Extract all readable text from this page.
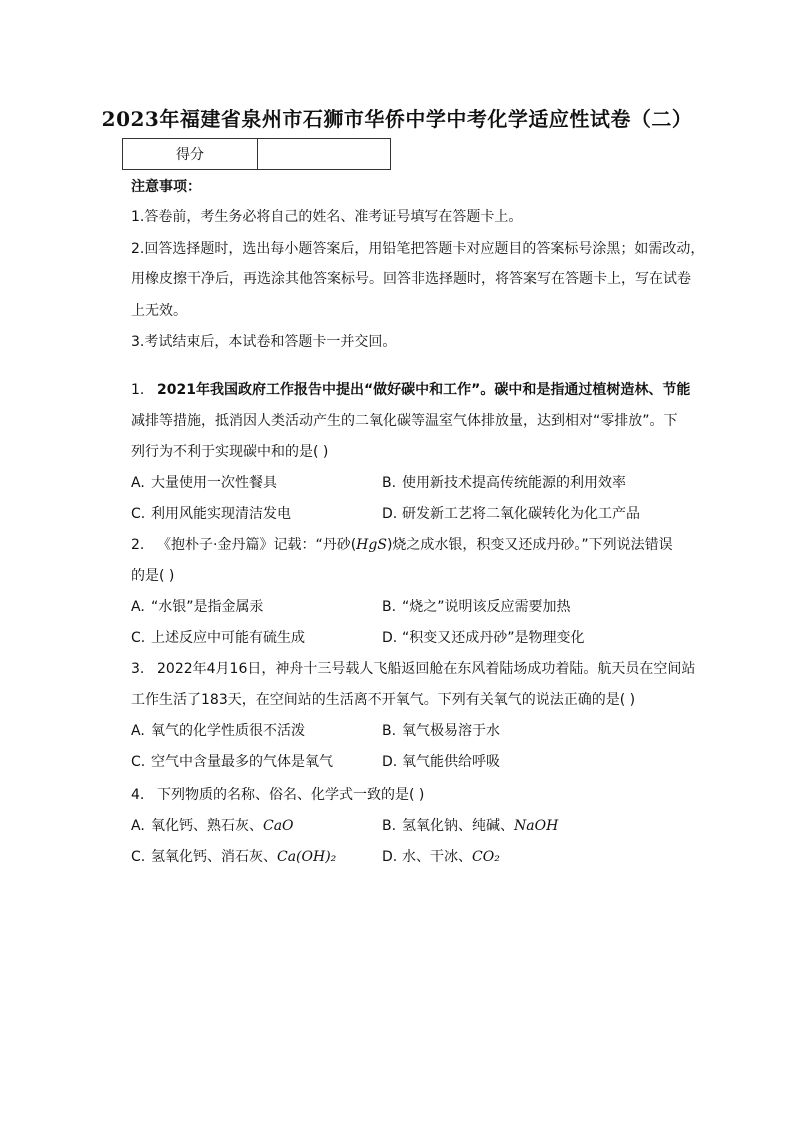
2023年福建省泉州市石狮市华侨中学中考化学适应性试卷（二）
得分	
注意事项：
1.答卷前，考生务必将自己的姓名、准考证号填写在答题卡上。
2.回答选择题时，选出每小题答案后，用铅笔把答题卡对应题目的答案标号涂黑；如需改动，
用橡皮擦干净后，再选涂其他答案标号。回答非选择题时，将答案写在答题卡上，写在试卷
上无效。
3.考试结束后，本试卷和答题卡一并交回。
1. 2021年我国政府工作报告中提出“做好碳中和工作”。碳中和是指通过植树造林、节能
减排等措施，抵消因人类活动产生的二氧化碳等温室气体排放量，达到相对“零排放”。下
列行为不利于实现碳中和的是( )
A. 大量使用一次性餐具	B. 使用新技术提高传统能源的利用效率
C. 利用风能实现清洁发电	D. 研发新工艺将二氧化碳转化为化工产品
2. 《抱朴子·金丹篇》记载：“丹砂(HgS)烧之成水银，积变又还成丹砂。”下列说法错误
的是( )
A. “水银”是指金属汞	B. “烧之”说明该反应需要加热
C. 上述反应中可能有硫生成	D. “积变又还成丹砂”是物理变化
3. 2022年4月16日，神舟十三号载人飞船返回舱在东风着陆场成功着陆。航天员在空间站
工作生活了183天，在空间站的生活离不开氧气。下列有关氧气的说法正确的是( )
A. 氧气的化学性质很不活泼	B. 氧气极易溶于水
C. 空气中含量最多的气体是氧气	D. 氧气能供给呼吸
4. 下列物质的名称、俗名、化学式一致的是( )
A. 氧化钙、熟石灰、CaO	B. 氢氧化钠、纯碱、NaOH
C. 氢氧化钙、消石灰、Ca(OH)₂	D. 水、干冰、CO₂
